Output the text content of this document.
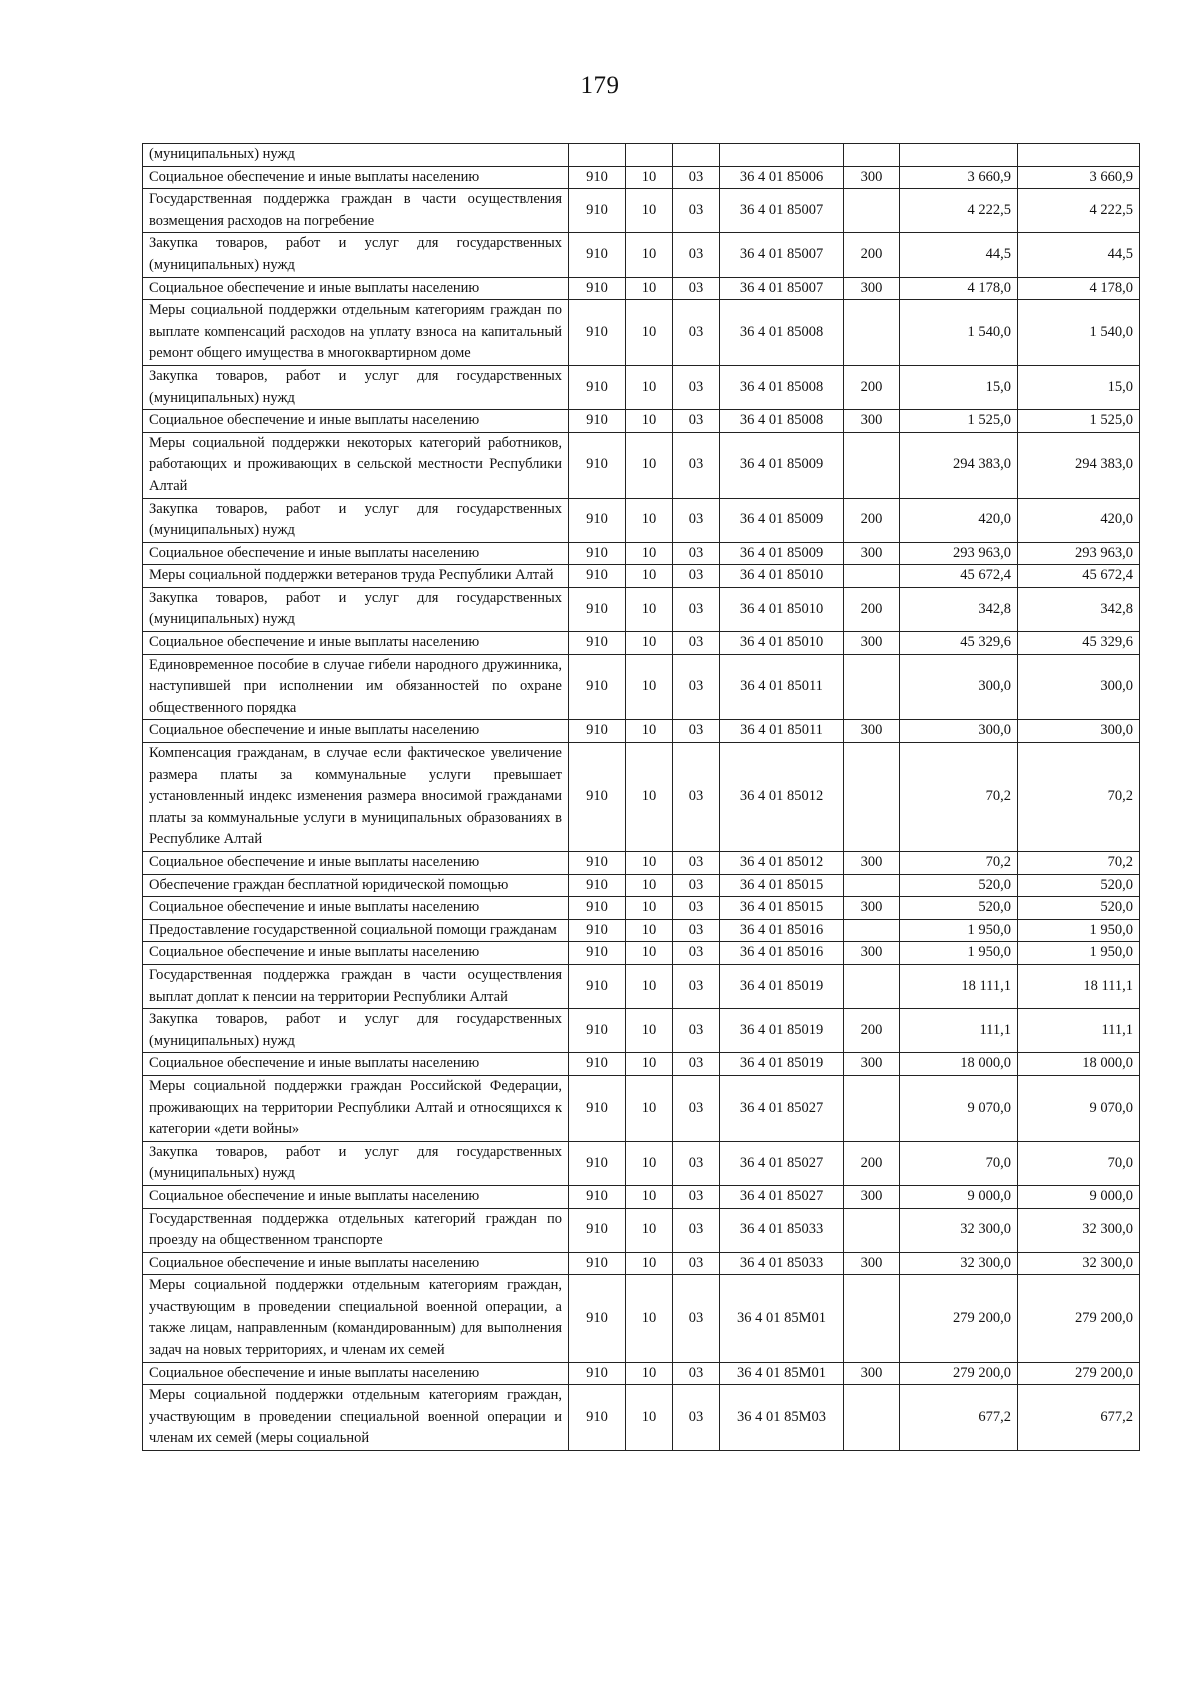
179
(муниципальных) нужд							
Социальное обеспечение и иные выплаты населению	910	10	03	36 4 01 85006	300	3 660,9	3 660,9
Государственная поддержка граждан в части осуществления возмещения расходов на погребение	910	10	03	36 4 01 85007		4 222,5	4 222,5
Закупка товаров, работ и услуг для государственных (муниципальных) нужд	910	10	03	36 4 01 85007	200	44,5	44,5
Социальное обеспечение и иные выплаты населению	910	10	03	36 4 01 85007	300	4 178,0	4 178,0
Меры социальной поддержки отдельным категориям граждан по выплате компенсаций расходов на уплату взноса на капитальный ремонт общего имущества в многоквартирном доме	910	10	03	36 4 01 85008		1 540,0	1 540,0
Закупка товаров, работ и услуг для государственных (муниципальных) нужд	910	10	03	36 4 01 85008	200	15,0	15,0
Социальное обеспечение и иные выплаты населению	910	10	03	36 4 01 85008	300	1 525,0	1 525,0
Меры социальной поддержки некоторых категорий работников, работающих и проживающих в сельской местности Республики Алтай	910	10	03	36 4 01 85009		294 383,0	294 383,0
Закупка товаров, работ и услуг для государственных (муниципальных) нужд	910	10	03	36 4 01 85009	200	420,0	420,0
Социальное обеспечение и иные выплаты населению	910	10	03	36 4 01 85009	300	293 963,0	293 963,0
Меры социальной поддержки ветеранов труда Республики Алтай	910	10	03	36 4 01 85010		45 672,4	45 672,4
Закупка товаров, работ и услуг для государственных (муниципальных) нужд	910	10	03	36 4 01 85010	200	342,8	342,8
Социальное обеспечение и иные выплаты населению	910	10	03	36 4 01 85010	300	45 329,6	45 329,6
Единовременное пособие в случае гибели народного дружинника, наступившей при исполнении им обязанностей по охране общественного порядка	910	10	03	36 4 01 85011		300,0	300,0
Социальное обеспечение и иные выплаты населению	910	10	03	36 4 01 85011	300	300,0	300,0
Компенсация гражданам, в случае если фактическое увеличение размера платы за коммунальные услуги превышает установленный индекс изменения размера вносимой гражданами платы за коммунальные услуги в муниципальных образованиях в Республике Алтай	910	10	03	36 4 01 85012		70,2	70,2
Социальное обеспечение и иные выплаты населению	910	10	03	36 4 01 85012	300	70,2	70,2
Обеспечение граждан бесплатной юридической помощью	910	10	03	36 4 01 85015		520,0	520,0
Социальное обеспечение и иные выплаты населению	910	10	03	36 4 01 85015	300	520,0	520,0
Предоставление государственной социальной помощи гражданам	910	10	03	36 4 01 85016		1 950,0	1 950,0
Социальное обеспечение и иные выплаты населению	910	10	03	36 4 01 85016	300	1 950,0	1 950,0
Государственная поддержка граждан в части осуществления выплат доплат к пенсии на территории Республики Алтай	910	10	03	36 4 01 85019		18 111,1	18 111,1
Закупка товаров, работ и услуг для государственных (муниципальных) нужд	910	10	03	36 4 01 85019	200	111,1	111,1
Социальное обеспечение и иные выплаты населению	910	10	03	36 4 01 85019	300	18 000,0	18 000,0
Меры социальной поддержки граждан Российской Федерации, проживающих на территории Республики Алтай и относящихся к категории «дети войны»	910	10	03	36 4 01 85027		9 070,0	9 070,0
Закупка товаров, работ и услуг для государственных (муниципальных) нужд	910	10	03	36 4 01 85027	200	70,0	70,0
Социальное обеспечение и иные выплаты населению	910	10	03	36 4 01 85027	300	9 000,0	9 000,0
Государственная поддержка отдельных категорий граждан по проезду на общественном транспорте	910	10	03	36 4 01 85033		32 300,0	32 300,0
Социальное обеспечение и иные выплаты населению	910	10	03	36 4 01 85033	300	32 300,0	32 300,0
Меры социальной поддержки отдельным категориям граждан, участвующим в проведении специальной военной операции, а также лицам, направленным (командированным) для выполнения задач на новых территориях, и членам их семей	910	10	03	36 4 01 85М01		279 200,0	279 200,0
Социальное обеспечение и иные выплаты населению	910	10	03	36 4 01 85М01	300	279 200,0	279 200,0
Меры социальной поддержки отдельным категориям граждан, участвующим в проведении специальной военной операции и членам их семей (меры социальной	910	10	03	36 4 01 85М03		677,2	677,2
